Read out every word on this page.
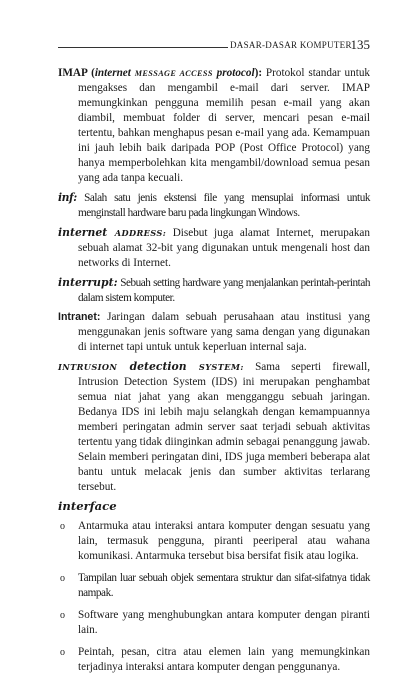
DASAR-DASAR KOMPUTER
135

IMAP (internet MESSAGE ACCESS protocol): Protokol standar untuk mengakses dan mengambil e-mail dari server. IMAP memungkinkan pengguna memilih pesan e-mail yang akan diambil, membuat folder di server, mencari pesan e-mail tertentu, bahkan menghapus pesan e-mail yang ada. Kemampuan ini jauh lebih baik daripada POP (Post Office Protocol) yang hanya memperbolehkan kita mengambil/download semua pesan yang ada tanpa kecuali.

inf: Salah satu jenis ekstensi file yang mensuplai informasi untuk menginstall hardware baru pada lingkungan Windows.

internet ADDRESS: Disebut juga alamat Internet, merupakan sebuah alamat 32-bit yang digunakan untuk mengenali host dan networks di Internet.

interrupt: Sebuah setting hardware yang menjalankan perintah-perintah dalam sistem komputer.

Intranet: Jaringan dalam sebuah perusahaan atau institusi yang menggunakan jenis software yang sama dengan yang digunakan di internet tapi untuk untuk keperluan internal saja.

INTRUSION detection SYSTEM: Sama seperti firewall, Intrusion Detection System (IDS) ini merupakan penghambat semua niat jahat yang akan mengganggu sebuah jaringan. Bedanya IDS ini lebih maju selangkah dengan kemampuannya memberi peringatan admin server saat terjadi sebuah aktivitas tertentu yang tidak diinginkan admin sebagai penanggung jawab. Selain memberi peringatan dini, IDS juga memberi beberapa alat bantu untuk melacak jenis dan sumber aktivitas terlarang tersebut.

interface
o Antarmuka atau interaksi antara komputer dengan sesuatu yang lain, termasuk pengguna, piranti peeriperal atau wahana komunikasi. Antarmuka tersebut bisa bersifat fisik atau logika.
o Tampilan luar sebuah objek sementara struktur dan sifat-sifatnya tidak nampak.
o Software yang menghubungkan antara komputer dengan piranti lain.
o Peintah, pesan, citra atau elemen lain yang memungkinkan terjadinya interaksi antara komputer dengan penggunanya.
